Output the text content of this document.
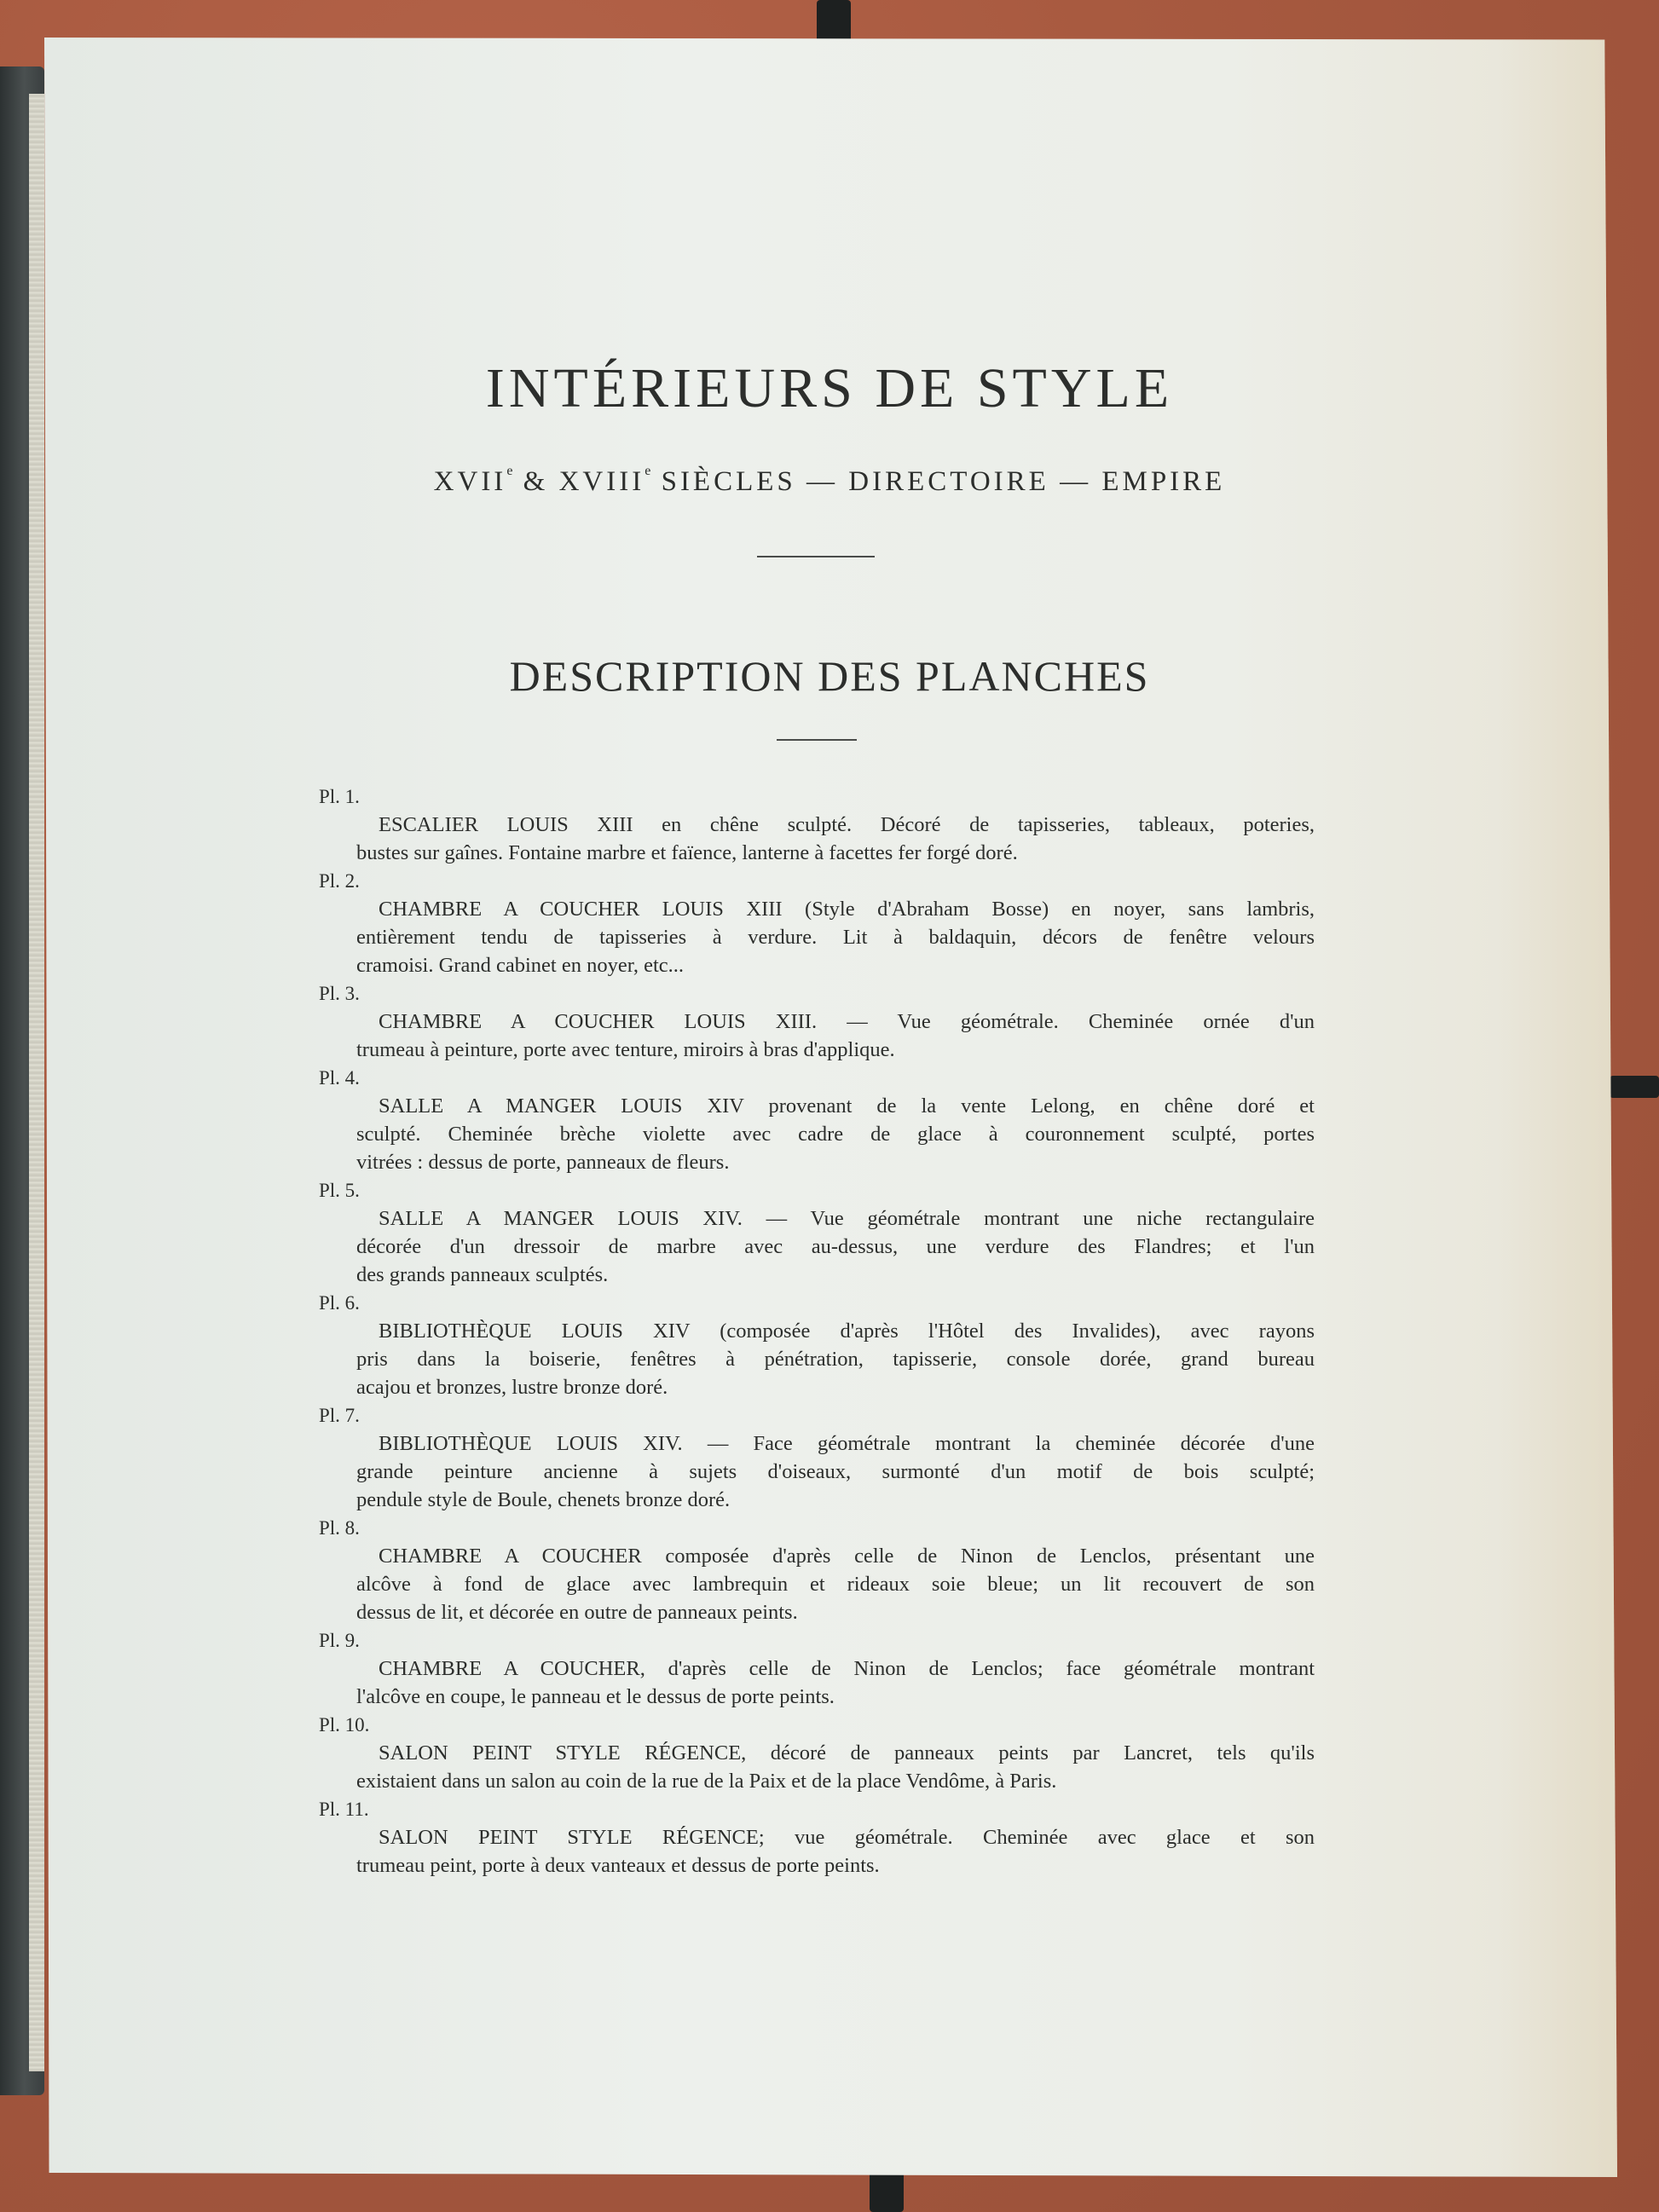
INTÉRIEURS DE STYLE
XVIIe & XVIIIe SIÈCLES — DIRECTOIRE — EMPIRE
DESCRIPTION DES PLANCHES
Pl. 1.
ESCALIER LOUIS XIII en chêne sculpté. Décoré de tapisseries, tableaux, poteries,
bustes sur gaînes. Fontaine marbre et faïence, lanterne à facettes fer forgé doré.
Pl. 2.
CHAMBRE A COUCHER LOUIS XIII (Style d'Abraham Bosse) en noyer, sans lambris,
entièrement tendu de tapisseries à verdure. Lit à baldaquin, décors de fenêtre velours
cramoisi. Grand cabinet en noyer, etc...
Pl. 3.
CHAMBRE A COUCHER LOUIS XIII. — Vue géométrale. Cheminée ornée d'un
trumeau à peinture, porte avec tenture, miroirs à bras d'applique.
Pl. 4.
SALLE A MANGER LOUIS XIV provenant de la vente Lelong, en chêne doré et
sculpté. Cheminée brèche violette avec cadre de glace à couronnement sculpté, portes
vitrées : dessus de porte, panneaux de fleurs.
Pl. 5.
SALLE A MANGER LOUIS XIV. — Vue géométrale montrant une niche rectangulaire
décorée d'un dressoir de marbre avec au-dessus, une verdure des Flandres; et l'un
des grands panneaux sculptés.
Pl. 6.
BIBLIOTHÈQUE LOUIS XIV (composée d'après l'Hôtel des Invalides), avec rayons
pris dans la boiserie, fenêtres à pénétration, tapisserie, console dorée, grand bureau
acajou et bronzes, lustre bronze doré.
Pl. 7.
BIBLIOTHÈQUE LOUIS XIV. — Face géométrale montrant la cheminée décorée d'une
grande peinture ancienne à sujets d'oiseaux, surmonté d'un motif de bois sculpté;
pendule style de Boule, chenets bronze doré.
Pl. 8.
CHAMBRE A COUCHER composée d'après celle de Ninon de Lenclos, présentant une
alcôve à fond de glace avec lambrequin et rideaux soie bleue; un lit recouvert de son
dessus de lit, et décorée en outre de panneaux peints.
Pl. 9.
CHAMBRE A COUCHER, d'après celle de Ninon de Lenclos; face géométrale montrant
l'alcôve en coupe, le panneau et le dessus de porte peints.
Pl. 10.
SALON PEINT STYLE RÉGENCE, décoré de panneaux peints par Lancret, tels qu'ils
existaient dans un salon au coin de la rue de la Paix et de la place Vendôme, à Paris.
Pl. 11.
SALON PEINT STYLE RÉGENCE; vue géométrale. Cheminée avec glace et son
trumeau peint, porte à deux vanteaux et dessus de porte peints.
